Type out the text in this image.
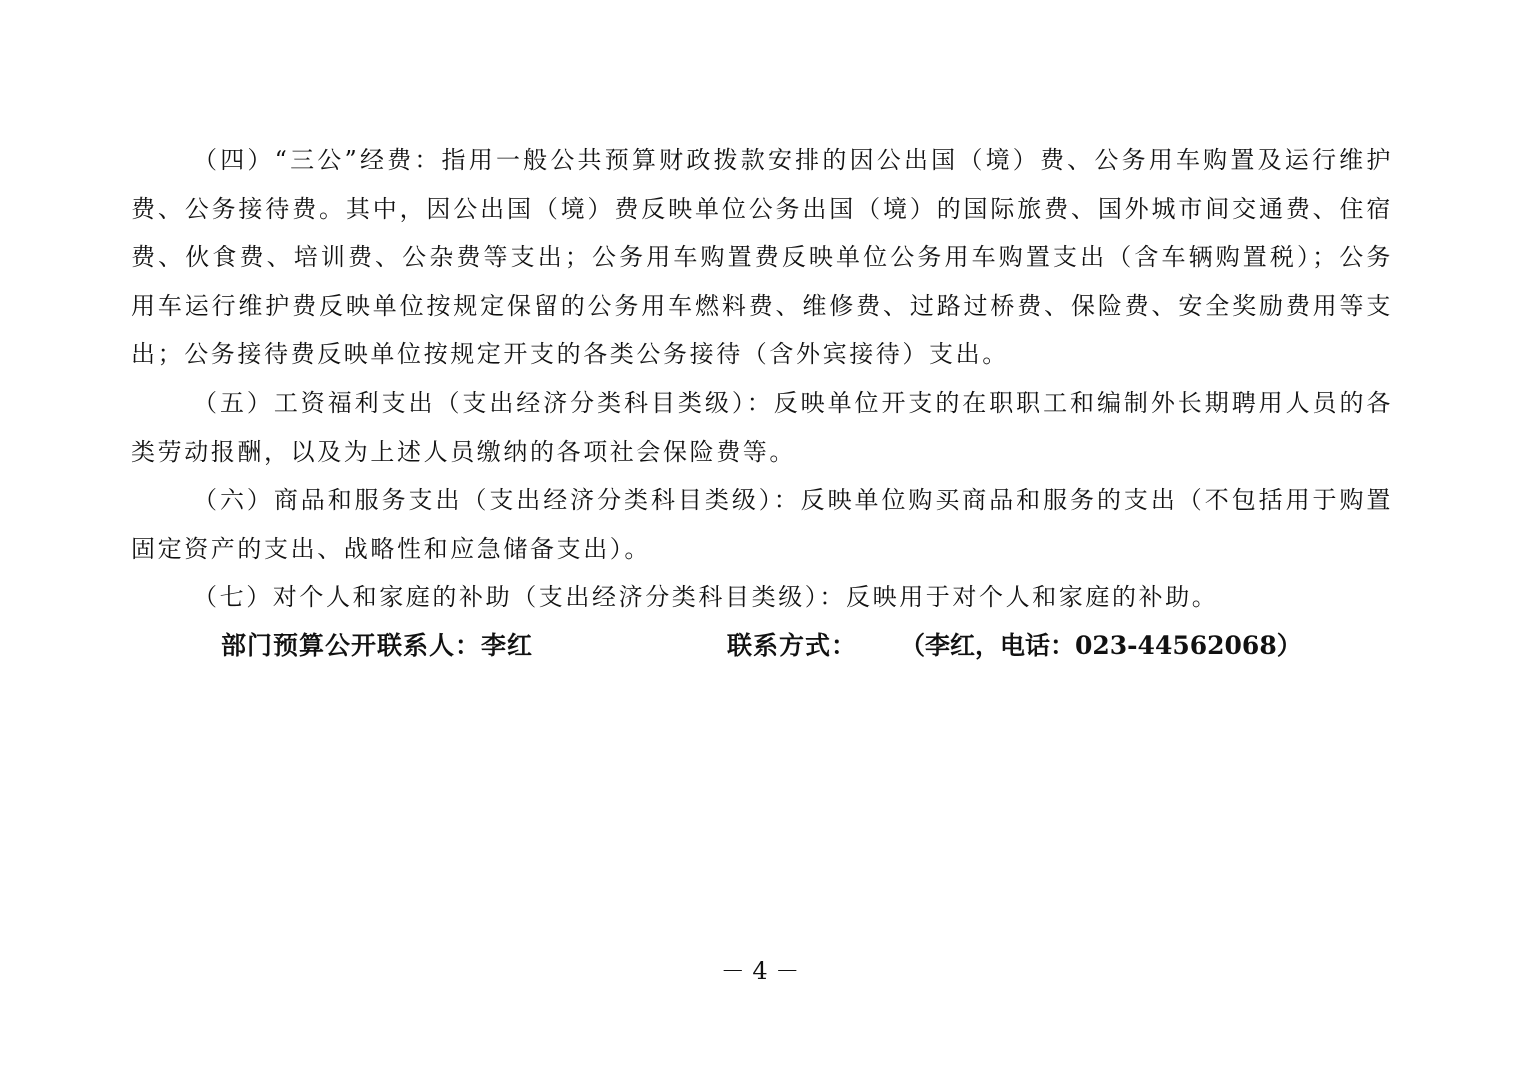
（四）“三公”经费：指用一般公共预算财政拨款安排的因公出国（境）费、公务用车购置及运行维护费、公务接待费。其中，因公出国（境）费反映单位公务出国（境）的国际旅费、国外城市间交通费、住宿费、伙食费、培训费、公杂费等支出；公务用车购置费反映单位公务用车购置支出（含车辆购置税）；公务用车运行维护费反映单位按规定保留的公务用车燃料费、维修费、过路过桥费、保险费、安全奖励费用等支出；公务接待费反映单位按规定开支的各类公务接待（含外宾接待）支出。

（五）工资福利支出（支出经济分类科目类级）：反映单位开支的在职职工和编制外长期聘用人员的各类劳动报酬，以及为上述人员缴纳的各项社会保险费等。

（六）商品和服务支出（支出经济分类科目类级）：反映单位购买商品和服务的支出（不包括用于购置固定资产的支出、战略性和应急储备支出）。

（七）对个人和家庭的补助（支出经济分类科目类级）：反映用于对个人和家庭的补助。

部门预算公开联系人：李红	联系方式： （李红，电话：023-44562068）
－ 4 －
